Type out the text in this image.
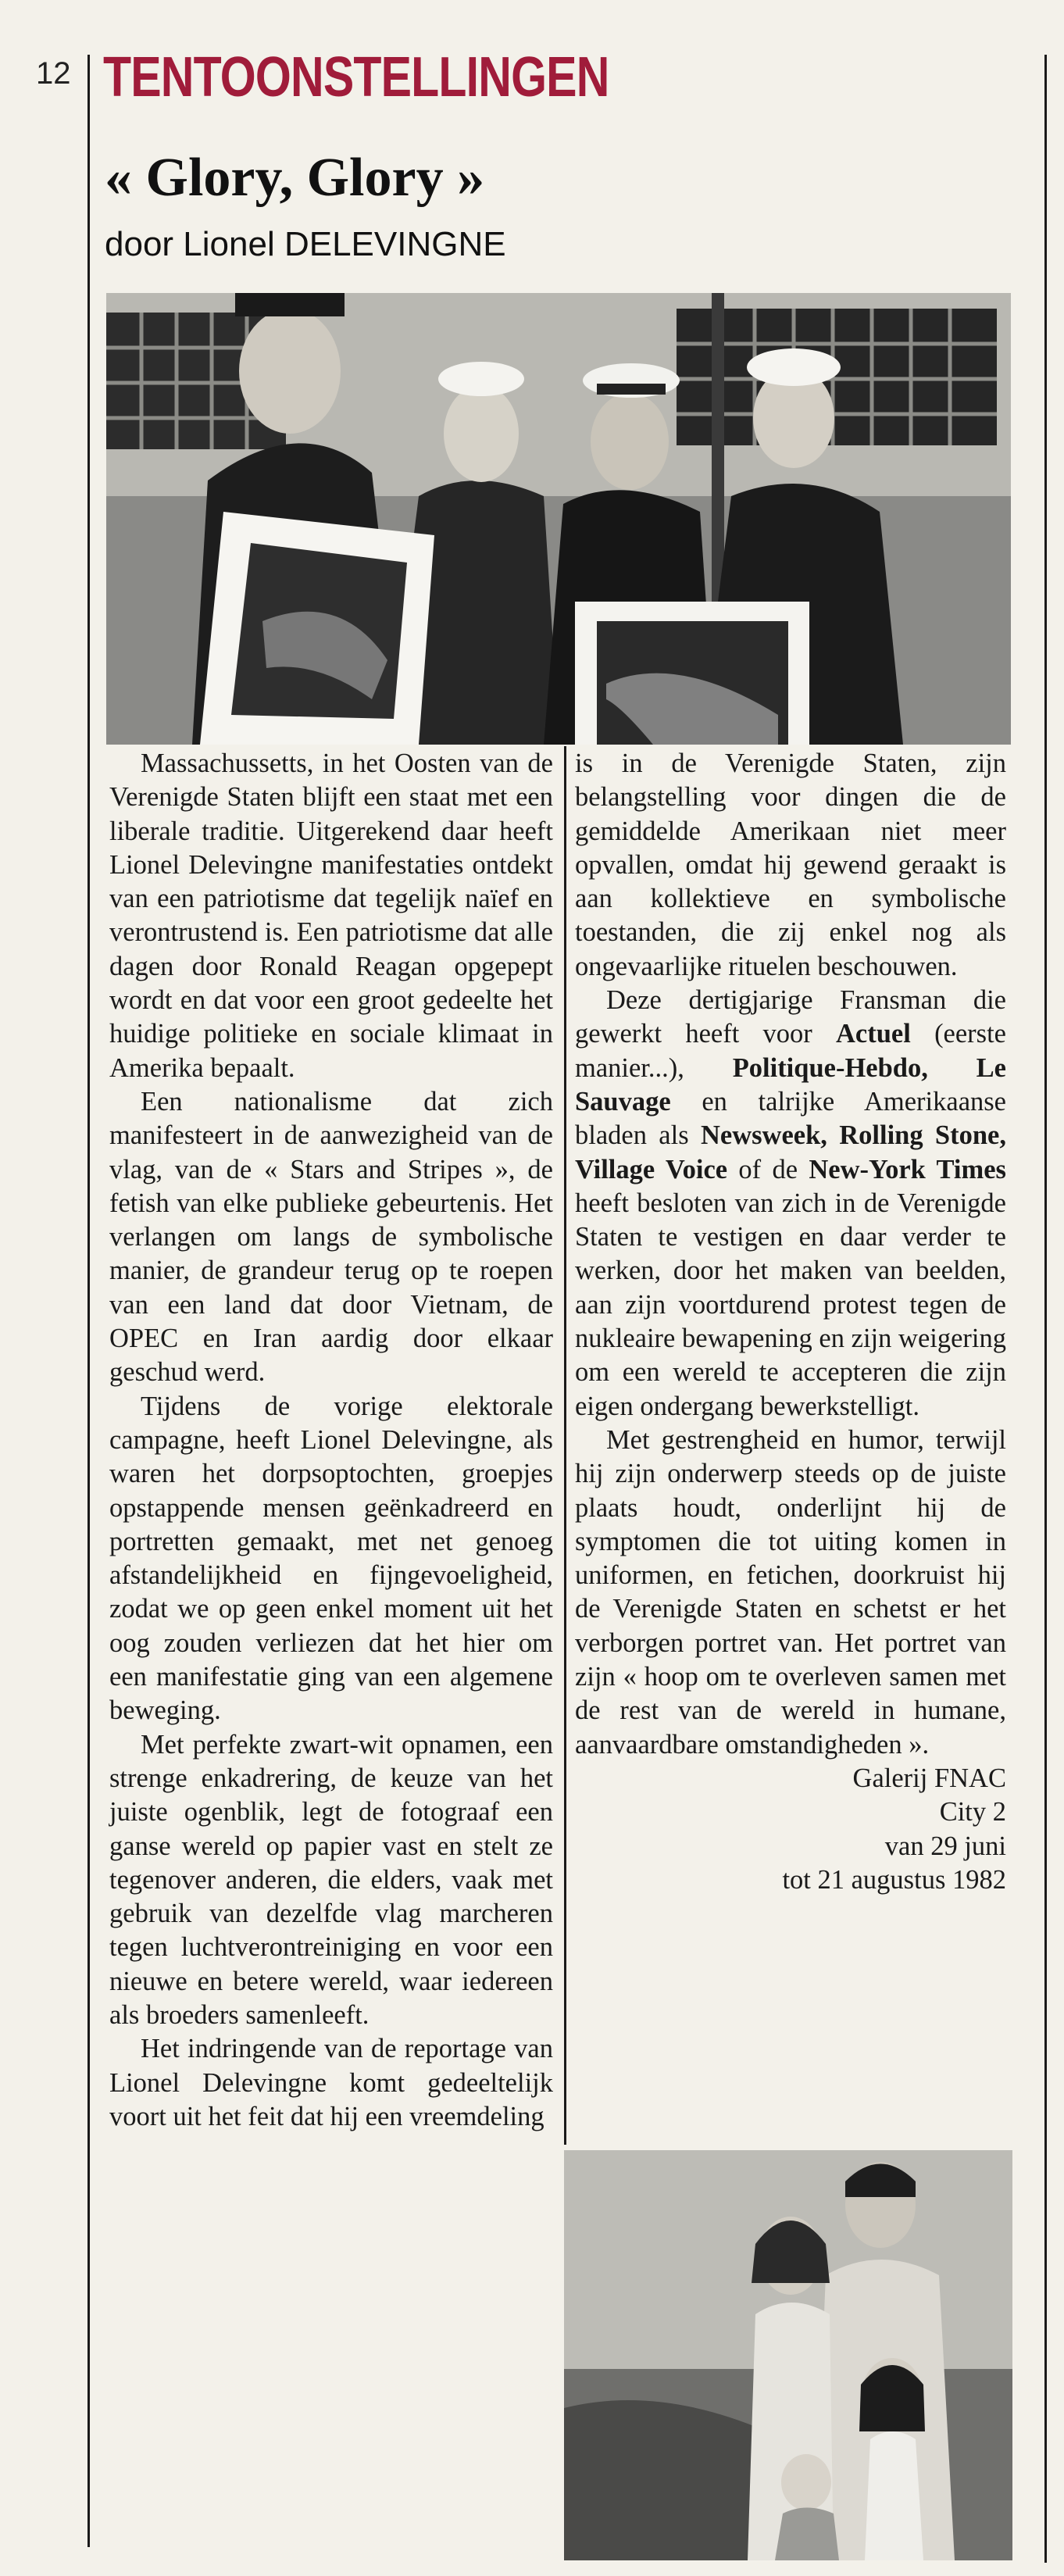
12 TENTOONSTELLINGEN
« Glory, Glory »
door Lionel DELEVINGNE

Massachussetts, in het Oosten van de Verenigde Staten blijft een staat met een liberale traditie. Uitgerekend daar heeft Lionel Delevingne manifestaties ontdekt van een patriotisme dat tegelijk naïef en verontrustend is. Een patriotisme dat alle dagen door Ronald Reagan opgepept wordt en dat voor een groot gedeelte het huidige politieke en sociale klimaat in Amerika bepaalt.

Een nationalisme dat zich manifesteert in de aanwezigheid van de vlag, van de « Stars and Stripes », de fetish van elke publieke gebeurtenis. Het verlangen om langs de symbolische manier, de grandeur terug op te roepen van een land dat door Vietnam, de OPEC en Iran aardig door elkaar geschud werd.

Tijdens de vorige elektorale campagne, heeft Lionel Delevingne, als waren het dorpsoptochten, groepjes opstappende mensen geënkadreerd en portretten gemaakt, met net genoeg afstandelijkheid en fijngevoeligheid, zodat we op geen enkel moment uit het oog zouden verliezen dat het hier om een manifestatie ging van een algemene beweging.

Met perfekte zwart-wit opnamen, een strenge enkadrering, de keuze van het juiste ogenblik, legt de fotograaf een ganse wereld op papier vast en stelt ze tegenover anderen, die elders, vaak met gebruik van dezelfde vlag marcheren tegen luchtverontreiniging en voor een nieuwe en betere wereld, waar iedereen als broeders samenleeft.

Het indringende van de reportage van Lionel Delevingne komt gedeeltelijk voort uit het feit dat hij een vreemdeling

is in de Verenigde Staten, zijn belangstelling voor dingen die de gemiddelde Amerikaan niet meer opvallen, omdat hij gewend geraakt is aan kollektieve en symbolische toestanden, die zij enkel nog als ongevaarlijke rituelen beschouwen.

Deze dertigjarige Fransman die gewerkt heeft voor Actuel (eerste manier...), Politique-Hebdo, Le Sauvage en talrijke Amerikaanse bladen als Newsweek, Rolling Stone, Village Voice of de New-York Times heeft besloten van zich in de Verenigde Staten te vestigen en daar verder te werken, door het maken van beelden, aan zijn voortdurend protest tegen de nukleaire bewapening en zijn weigering om een wereld te accepteren die zijn eigen ondergang bewerkstelligt.

Met gestrengheid en humor, terwijl hij zijn onderwerp steeds op de juiste plaats houdt, onderlijnt hij de symptomen die tot uiting komen in uniformen, en fetichen, doorkruist hij de Verenigde Staten en schetst er het verborgen portret van. Het portret van zijn « hoop om te overleven samen met de rest van de wereld in humane, aanvaardbare omstandigheden ».

Galerij FNAC

City 2

van 29 juni

tot 21 augustus 1982
